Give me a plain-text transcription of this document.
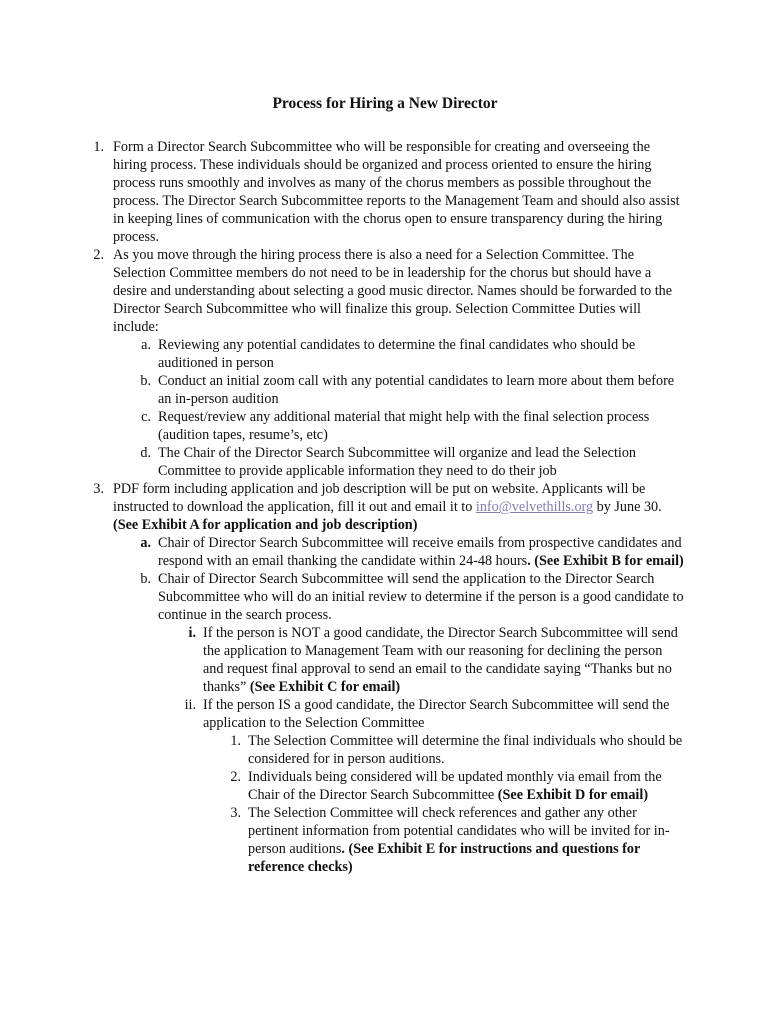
Process for Hiring a New Director
1. Form a Director Search Subcommittee who will be responsible for creating and overseeing the hiring process. These individuals should be organized and process oriented to ensure the hiring process runs smoothly and involves as many of the chorus members as possible throughout the process. The Director Search Subcommittee reports to the Management Team and should also assist in keeping lines of communication with the chorus open to ensure transparency during the hiring process.
2. As you move through the hiring process there is also a need for a Selection Committee. The Selection Committee members do not need to be in leadership for the chorus but should have a desire and understanding about selecting a good music director. Names should be forwarded to the Director Search Subcommittee who will finalize this group. Selection Committee Duties will include:
a. Reviewing any potential candidates to determine the final candidates who should be auditioned in person
b. Conduct an initial zoom call with any potential candidates to learn more about them before an in-person audition
c. Request/review any additional material that might help with the final selection process (audition tapes, resume’s, etc)
d. The Chair of the Director Search Subcommittee will organize and lead the Selection Committee to provide applicable information they need to do their job
3. PDF form including application and job description will be put on website. Applicants will be instructed to download the application, fill it out and email it to info@velvethills.org by June 30. (See Exhibit A for application and job description)
a. Chair of Director Search Subcommittee will receive emails from prospective candidates and respond with an email thanking the candidate within 24-48 hours. (See Exhibit B for email)
b. Chair of Director Search Subcommittee will send the application to the Director Search Subcommittee who will do an initial review to determine if the person is a good candidate to continue in the search process.
i. If the person is NOT a good candidate, the Director Search Subcommittee will send the application to Management Team with our reasoning for declining the person and request final approval to send an email to the candidate saying “Thanks but no thanks” (See Exhibit C for email)
ii. If the person IS a good candidate, the Director Search Subcommittee will send the application to the Selection Committee
1. The Selection Committee will determine the final individuals who should be considered for in person auditions.
2. Individuals being considered will be updated monthly via email from the Chair of the Director Search Subcommittee (See Exhibit D for email)
3. The Selection Committee will check references and gather any other pertinent information from potential candidates who will be invited for in-person auditions. (See Exhibit E for instructions and questions for reference checks)
